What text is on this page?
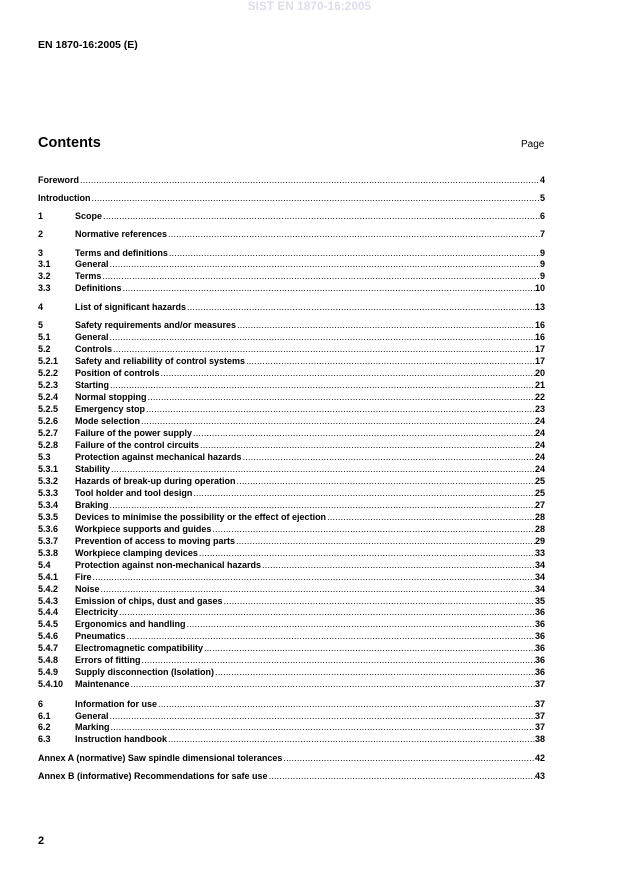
SIST EN 1870-16:2005
EN 1870-16:2005 (E)
Contents	Page
Foreword .....	4
Introduction .....	5
1	Scope .....	6
2	Normative references .....	7
3	Terms and definitions .....	9
3.1	General .....	9
3.2	Terms .....	9
3.3	Definitions .....	10
4	List of significant hazards .....	13
5	Safety requirements and/or measures .....	16
5.1	General .....	16
5.2	Controls .....	17
5.2.1	Safety and reliability of control systems .....	17
5.2.2	Position of controls .....	20
5.2.3	Starting .....	21
5.2.4	Normal stopping .....	22
5.2.5	Emergency stop .....	23
5.2.6	Mode selection .....	24
5.2.7	Failure of the power supply .....	24
5.2.8	Failure of the control circuits .....	24
5.3	Protection against mechanical hazards .....	24
5.3.1	Stability .....	24
5.3.2	Hazards of break-up during operation .....	25
5.3.3	Tool holder and tool design .....	25
5.3.4	Braking .....	27
5.3.5	Devices to minimise the possibility or the effect of ejection .....	28
5.3.6	Workpiece supports and guides .....	28
5.3.7	Prevention of access to moving parts .....	29
5.3.8	Workpiece clamping devices .....	33
5.4	Protection against non-mechanical hazards .....	34
5.4.1	Fire .....	34
5.4.2	Noise .....	34
5.4.3	Emission of chips, dust and gases .....	35
5.4.4	Electricity .....	36
5.4.5	Ergonomics and handling .....	36
5.4.6	Pneumatics .....	36
5.4.7	Electromagnetic compatibility .....	36
5.4.8	Errors of fitting .....	36
5.4.9	Supply disconnection (Isolation) .....	36
5.4.10	Maintenance .....	37
6	Information for use .....	37
6.1	General .....	37
6.2	Marking .....	37
6.3	Instruction handbook .....	38
Annex A (normative) Saw spindle dimensional tolerances .....	42
Annex B (informative) Recommendations for safe use .....	43
2
